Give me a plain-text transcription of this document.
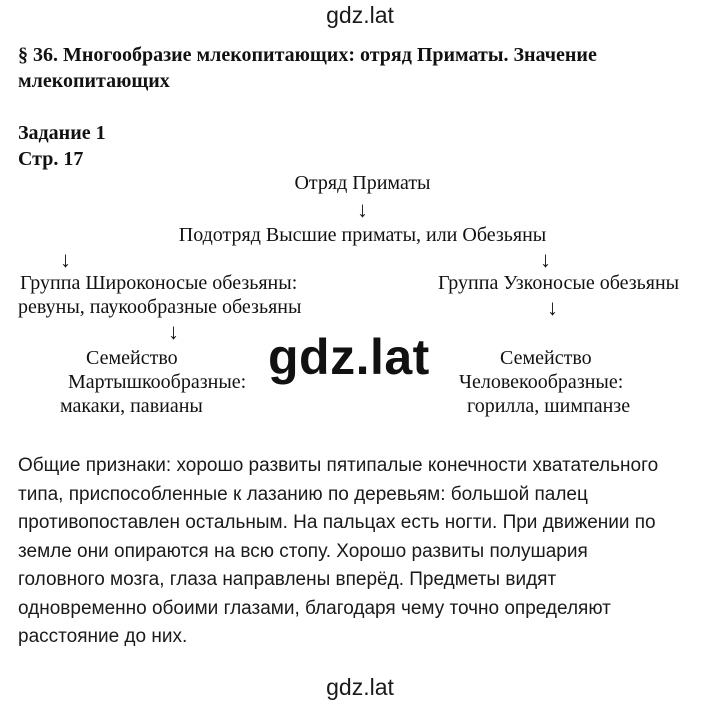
gdz.lat
§ 36. Многообразие млекопитающих: отряд Приматы. Значение
млекопитающих
Задание 1
Стр. 17
Отряд Приматы
↓
Подотряд Высшие приматы, или Обезьяны
↓	↓
Группа Широконосые обезьяны:
ревуны, паукообразные обезьяны
Группа Узконосые обезьяны
↓
↓
Семейство
Мартышкообразные:
макаки, павианы
Семейство
Человекообразные:
горилла, шимпанзе
gdz.lat
Общие признаки: хорошо развиты пятипалые конечности хватательного
типа, приспособленные к лазанию по деревьям: большой палец
противопоставлен остальным. На пальцах есть ногти. При движении по
земле они опираются на всю стопу. Хорошо развиты полушария
головного мозга, глаза направлены вперёд. Предметы видят
одновременно обоими глазами, благодаря чему точно определяют
расстояние до них.
gdz.lat
